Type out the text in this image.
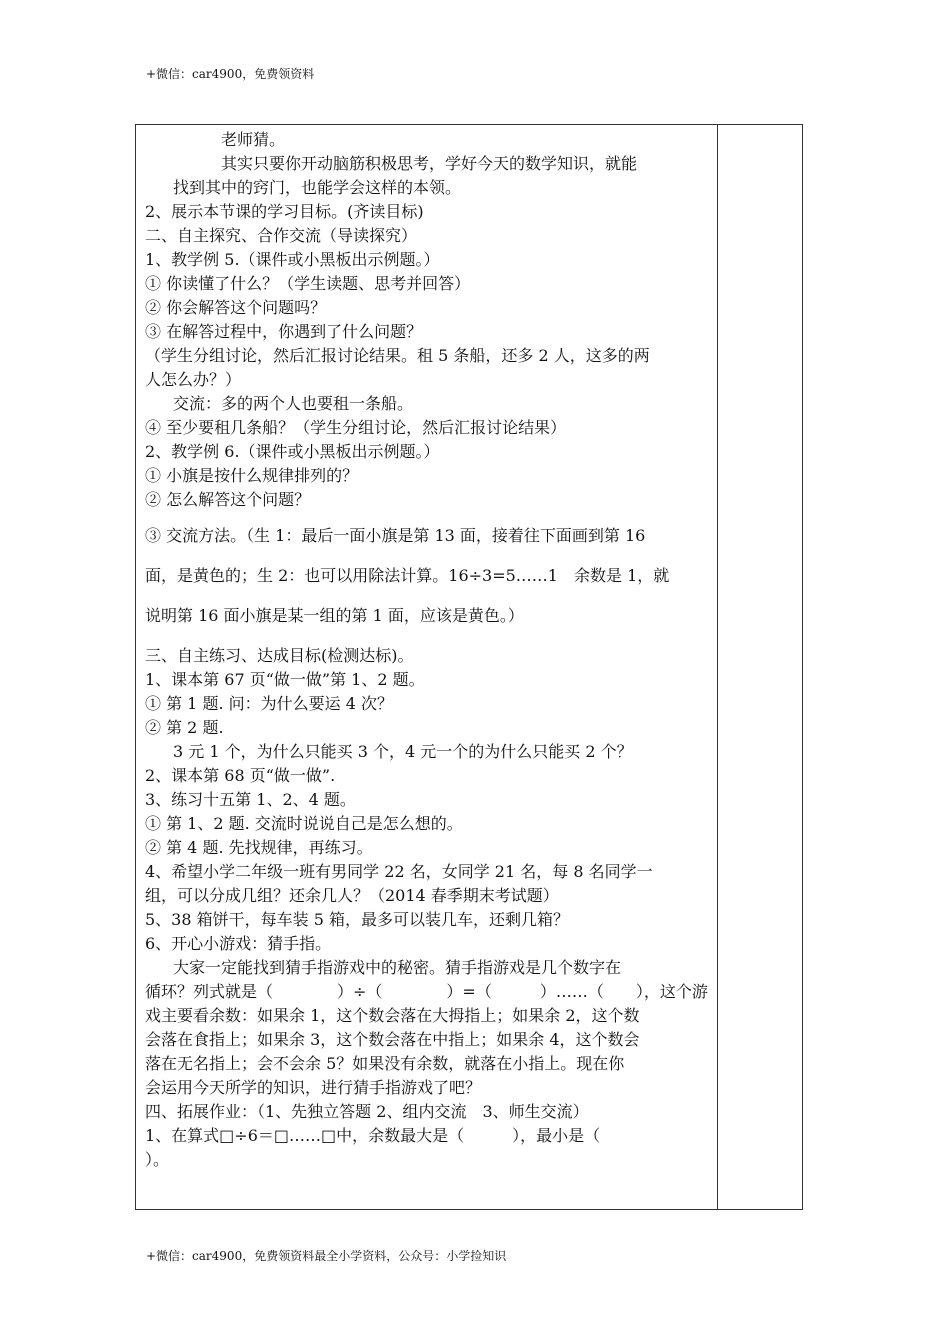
+微信：car4900，免费领资料
老师猜。
其实只要你开动脑筋积极思考，学好今天的数学知识，就能
找到其中的窍门，也能学会这样的本领。
2、展示本节课的学习目标。(齐读目标)
二、自主探究、合作交流（导读探究）
1、教学例 5.（课件或小黑板出示例题。）
① 你读懂了什么？（学生读题、思考并回答）
② 你会解答这个问题吗？
③ 在解答过程中，你遇到了什么问题？
（学生分组讨论，然后汇报讨论结果。租 5 条船，还多 2 人，这多的两
人怎么办？）
交流：多的两个人也要租一条船。
④ 至少要租几条船？（学生分组讨论，然后汇报讨论结果）
2、教学例 6.（课件或小黑板出示例题。）
① 小旗是按什么规律排列的？
② 怎么解答这个问题？
③ 交流方法。（生 1：最后一面小旗是第 13 面，接着往下面画到第 16
面，是黄色的；生 2：也可以用除法计算。16÷3=5……1　余数是 1，就
说明第 16 面小旗是某一组的第 1 面，应该是黄色。）
三、自主练习、达成目标(检测达标)。
1、课本第 67 页“做一做”第 1、2 题。
① 第 1 题. 问：为什么要运 4 次？
② 第 2 题.
3 元 1 个，为什么只能买 3 个，4 元一个的为什么只能买 2 个？
2、课本第 68 页“做一做”.
3、练习十五第 1、2、4 题。
① 第 1、2 题. 交流时说说自己是怎么想的。
② 第 4 题. 先找规律，再练习。
4、希望小学二年级一班有男同学 22 名，女同学 21 名，每 8 名同学一
组，可以分成几组？还余几人？（2014 春季期末考试题）
5、38 箱饼干，每车装 5 箱，最多可以装几车，还剩几箱？
6、开心小游戏：猜手指。
大家一定能找到猜手指游戏中的秘密。猜手指游戏是几个数字在
循环？列式就是（　　　　）÷（　　　　）=（　　　）……（　　），这个游
戏主要看余数：如果余 1，这个数会落在大拇指上；如果余 2，这个数
会落在食指上；如果余 3，这个数会落在中指上；如果余 4，这个数会
落在无名指上；会不会余 5？如果没有余数，就落在小指上。现在你
会运用今天所学的知识，进行猜手指游戏了吧？
四、拓展作业：（1、先独立答题 2、组内交流　3、师生交流）
1、在算式□÷6＝□……□中，余数最大是（　　　），最小是（
）。
+微信：car4900，免费领资料最全小学资料，公众号：小学捡知识
